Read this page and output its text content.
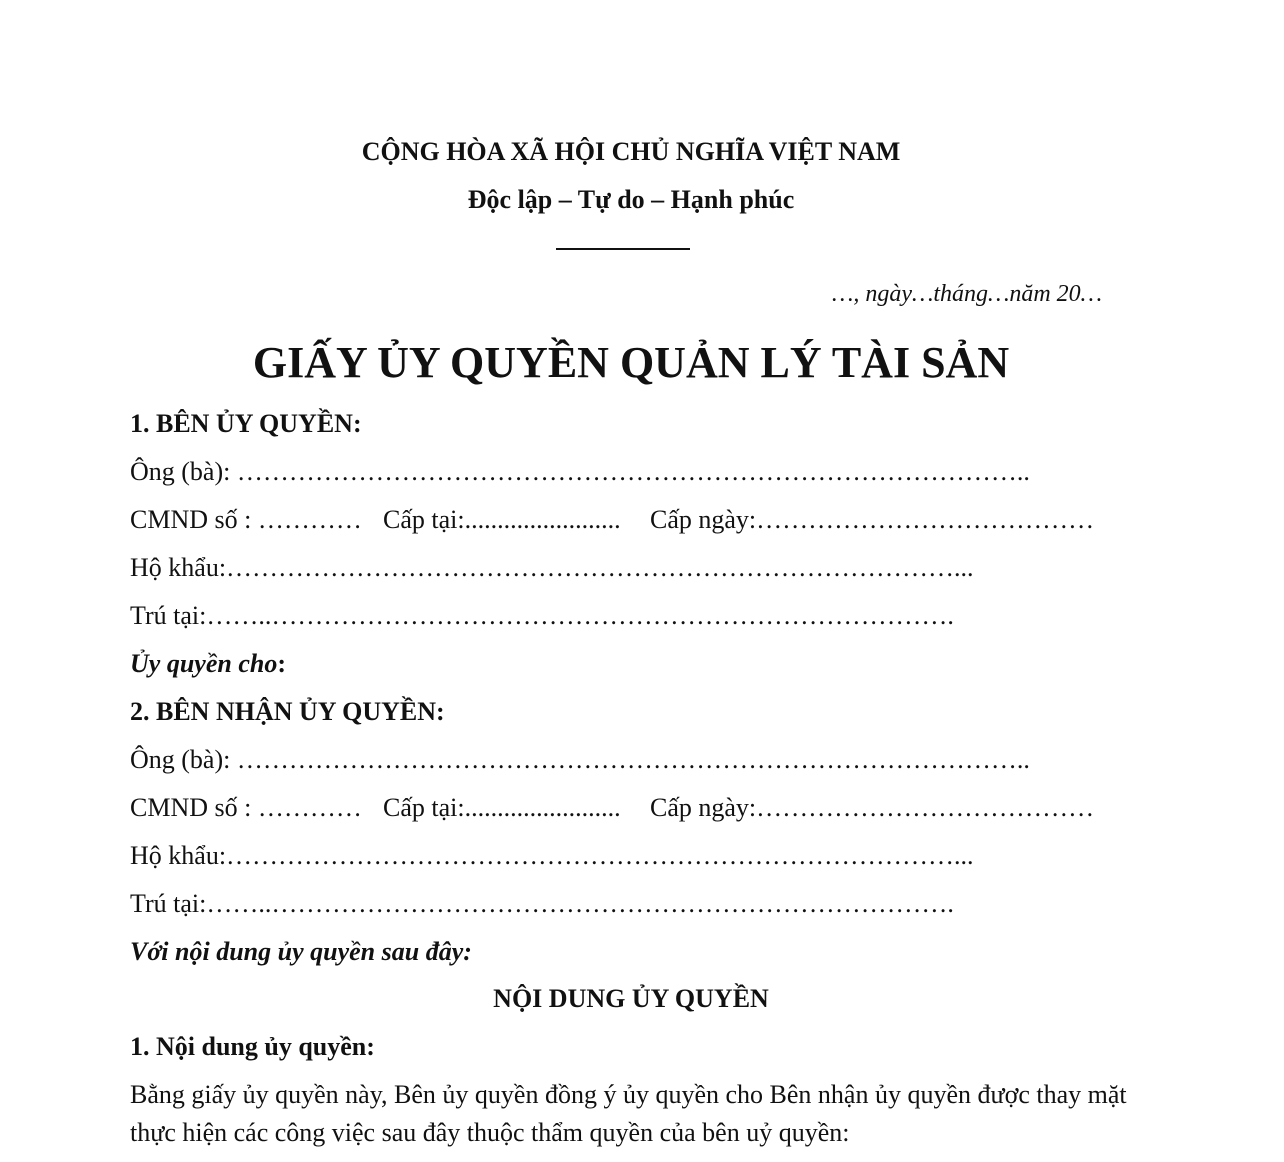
CỘNG HÒA XÃ HỘI CHỦ NGHĨA VIỆT NAM
Độc lập – Tự do – Hạnh phúc
…, ngày…tháng…năm 20…
GIẤY ỦY QUYỀN QUẢN LÝ TÀI SẢN
1. BÊN ỦY QUYỀN:
Ông (bà): ………………………………………………………………………………..
CMND số : ………… Cấp tại:........................	Cấp ngày:…………………………………
Hộ khẩu:…………………………………………………………………………...
Trú tại:……..…………………………………………………………………….
Ủy quyền cho:
2. BÊN NHẬN ỦY QUYỀN:
Ông (bà): ………………………………………………………………………………..
CMND số : ………… Cấp tại:........................	Cấp ngày:…………………………………
Hộ khẩu:…………………………………………………………………………...
Trú tại:……..…………………………………………………………………….
Với nội dung ủy quyền sau đây:
NỘI DUNG ỦY QUYỀN
1. Nội dung ủy quyền:
Bằng giấy ủy quyền này, Bên ủy quyền đồng ý ủy quyền cho Bên nhận ủy quyền được thay mặt thực hiện các công việc sau đây thuộc thẩm quyền của bên uỷ quyền:
